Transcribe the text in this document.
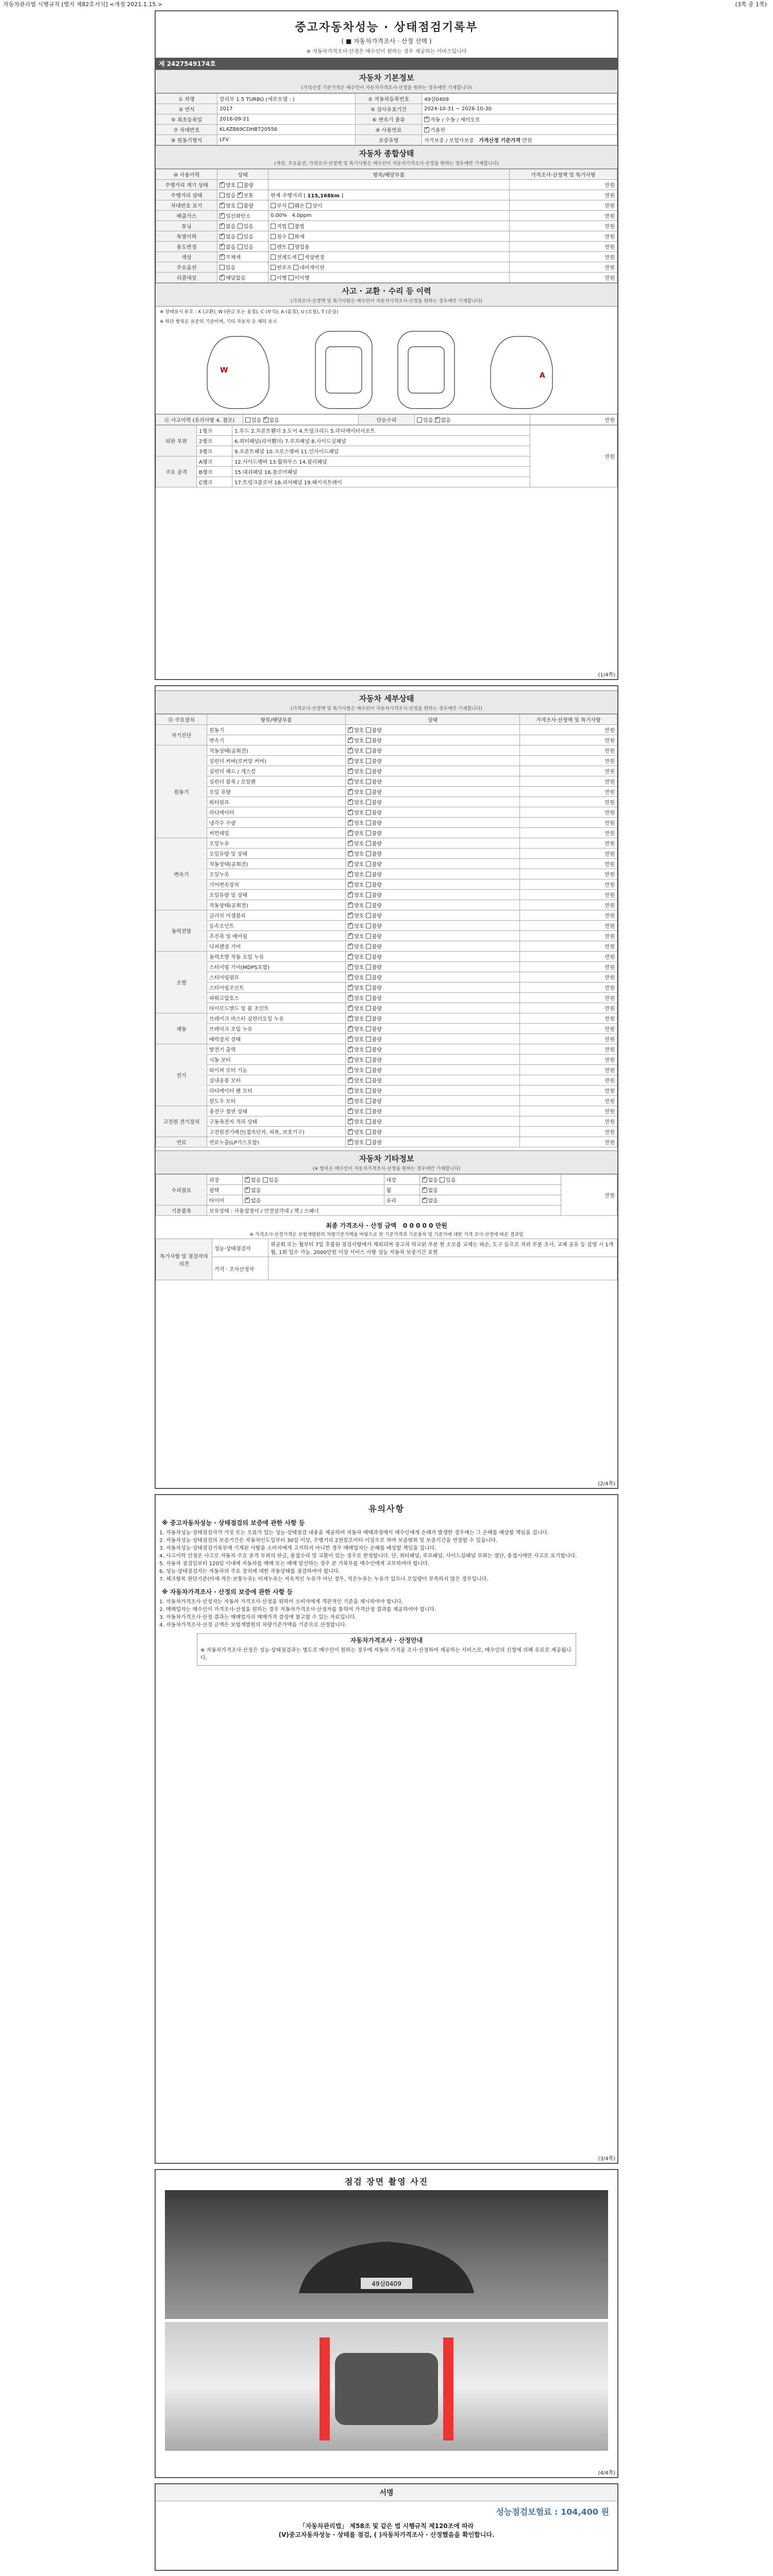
자동차관리법 시행규칙 [별지 제82호서식] <개정 2021.1.15.>	(3쪽 중 1쪽)
중고자동차성능 · 상태점검기록부
( ■ 자동차가격조사 · 산정 선택 )
※ 자동차가격조사·산정은 매수인이 원하는 경우 제공하는 서비스입니다
제 2427549174호
자동차 기본정보
(가격산정 기준가격은 매수인이 자동차가격조사·산정을 원하는 경우에만 기재합니다)
① 차명	말리부 1.5 TURBO (세부모델 : )	② 자동차등록번호	49삼0409
③ 연식	2017	④ 검사유효기간	2024-10-31 ~ 2026-10-30
⑤ 최초등록일	2016-09-21	⑥ 변속기 종류	✓자동 / 수동 / 세미오토
⑦ 차대번호	KL4ZB69CDHB720556	⑧ 사용연료	✓가솔린
⑨ 원동기형식	LFV	보증유형	자가보증 / 보험사보증 가격산정 기준가격 만원
자동차 종합상태
(색상, 주요옵션, 가격조사·산정액 및 특기사항은 매수인이 자동차가격조사·산정을 원하는 경우에만 기재합니다)
⑩ 사용이력	상태	항목/해당부품	가격조사·산정액 및 특기사항
주행거리 계기 상태	✓양호 불량		만원
주행거리 상태	많음 ✓보통	현재 주행거리 [ 115,168km ]	만원
차대번호 표기	✓양호 불량	부식 훼손 상이	만원
배출가스	✓일산화탄소	0.00% 4.0ppm	만원
튜닝	✓없음 있음	적법 불법	만원
특별이력	✓없음 있음	침수 화재	만원
용도변경	✓없음 있음	렌트 영업용	만원
색상	✓무채색	전체도색 색상변경	만원
주요옵션	있음	썬루프 네비게이션	만원
리콜대상	✓해당없음	이행 미이행	만원
사고 · 교환 · 수리 등 이력
(가격조사·산정액 및 특기사항은 매수인이 자동차가격조사·산정을 원하는 경우에만 기재합니다)
※ 상태표시 부호 : X (교환), W (판금 또는 용접), C (부식), A (흠집), U (요철), T (손상)
※ 하단 항목은 표준의 기준이며, 기타 자동차 등 체의 표시
W
A
⑪ 사고이력 (유의사항 4. 참조)	있음 ✓없음	단순수리	있음 ✓없음	만원
외판 부위	1랭크	1.후드 2.프론트휀더 3.도어 4.트렁크리드 5.라디에이터서포트	만원
	2랭크	6.쿼터패널(리어휀더) 7.루프패널 8.사이드실패널	
	3랭크	9.프론트패널 10.크로스멤버 11.인사이드패널	
주요 골격	A랭크	12.사이드멤버 13.휠하우스 14.필러패널	
	B랭크	15.대쉬패널 16.플로어패널	
	C랭크	17.트렁크플로어 18.리어패널 19.패키지트레이	
(1/4쪽)
자동차 세부상태
(가격조사·산정액 및 특기사항은 매수인이 자동차가격조사·산정을 원하는 경우에만 기재합니다)
⑬ 주요장치	항목/해당부품	상태	가격조사·산정액 및 특기사항
자기진단	원동기	✓양호 불량	만원
	변속기	✓양호 불량	만원
원동기	작동상태(공회전)	✓양호 불량	만원
	실린더 커버(로커암 커버)	✓양호 불량	만원
	실린더 헤드 / 개스킷	✓양호 불량	만원
	실린더 블록 / 오일팬	✓양호 불량	만원
	오일 유량	✓양호 불량	만원
	워터펌프	✓양호 불량	만원
	라디에이터	✓양호 불량	만원
	냉각수 수량	✓양호 불량	만원
	커먼레일	✓양호 불량	만원
변속기	오일누유	✓양호 불량	만원
	오일유량 및 상태	✓양호 불량	만원
	작동상태(공회전)	✓양호 불량	만원
	오일누유	✓양호 불량	만원
	기어변속장치	✓양호 불량	만원
	오일유량 및 상태	✓양호 불량	만원
	작동상태(공회전)	✓양호 불량	만원
동력전달	클러치 어셈블리	✓양호 불량	만원
	등속조인트	✓양호 불량	만원
	추진축 및 베어링	✓양호 불량	만원
	디퍼렌셜 기어	✓양호 불량	만원
조향	동력조향 작동 오일 누유	✓양호 불량	만원
	스티어링 기어(MDPS포함)	✓양호 불량	만원
	스티어링펌프	✓양호 불량	만원
	스티어링조인트	✓양호 불량	만원
	파워고압호스	✓양호 불량	만원
	타이로드엔드 및 볼 조인트	✓양호 불량	만원
제동	브레이크 마스터 실린더오일 누유	✓양호 불량	만원
	브레이크 오일 누유	✓양호 불량	만원
	배력장치 상태	✓양호 불량	만원
전기	발전기 출력	✓양호 불량	만원
	시동 모터	✓양호 불량	만원
	와이퍼 모터 기능	✓양호 불량	만원
	실내송풍 모터	✓양호 불량	만원
	라디에이터 팬 모터	✓양호 불량	만원
	윈도우 모터	✓양호 불량	만원
고전원 전기장치	충전구 절연 상태	✓양호 불량	만원
	구동축전지 격리 상태	✓양호 불량	만원
	고전원전기배선(접속단자, 피복, 보호기구)	✓양호 불량	만원
연료	연료누출(LP가스포함)	✓양호 불량	만원
자동차 기타정보
(※ 항목은 매수인이 자동차가격조사·산정을 원하는 경우에만 기재합니다)
수리필요	외장	✓없음 있음	내장	✓없음 있음	만원
	광택	✓없음	휠	✓없음
	타이어	✓없음	유리	✓없음
기본품목	보유상태 : 사용설명서 / 안전삼각대 / 잭 / 스패너				
최종 가격조사 · 산정 금액 0 0 0 0 0 만원
※ 가격조사·산정가격은 보험개발원의 차량기준가액을 바탕으로 한 기준가격과 기본품목 및 기준가에 대한 가격 조사·산정에 따른 결과임
특기사항 및 점검자의 의견	성능·상태점검자	위공회 또는 월부터 7일 후불된 점검사항에서 제외되며 중고차 하교된 부분 현 소모품 교체는 파손, 도구 등으로 자외 부분 조사, 교체 공유 등 설명 시 1개월, 1회 입수 가능. 2000만원 이상 서비스 사항 성능 자동차 보증기간 표현
	가격 · 조사산정자	
(2/4쪽)
유의사항
※ 중고자동차성능 · 상태점검의 보증에 관한 사항 등
1. 자동차성능·상태점검자가 거짓 또는 오류가 있는 성능·상태점검 내용을 제공하여 자동차 매매과정에서 매수인에게 손해가 발생한 경우에는 그 손해를 배상할 책임을 집니다.
2. 자동차성능·상태점검의 보증기간은 자동차인도일부터 30일 이상, 주행거리 2천킬로미터 이상으로 하며 보증범위 및 보증기간을 연장할 수 있습니다.
3. 자동차성능·상태점검기록부에 기재된 사항을 소비자에게 고지하지 아니한 경우 매매업자는 손해를 배상할 책임을 집니다.
4. 사고이력 인정은 사고로 자동차 주요 골격 부위의 판금, 용접수리 및 교환이 있는 경우로 한정합니다. 단, 쿼터패널, 루프패널, 사이드실패널 부위는 절단, 용접시에만 사고로 표기합니다.
5. 자동차 점검일부터 120일 이내에 자동차를 매매 또는 매매 알선하는 경우 본 기록부를 매수인에게 교부하여야 합니다.
6. 성능·상태점검자는 자동차의 주요 장치에 대한 작동상태를 점검하여야 합니다.
7. 체크항목 판단기준(미세·적은·보통누유): 미세누유는 지속적인 누유가 아닌 경우, 적은누유는 누유가 있으나 오일량이 부족하지 않은 경우입니다.
※ 자동차가격조사 · 산정의 보증에 관한 사항 등
1. 자동차가격조사·산정자는 자동차 가격조사·산정을 위하여 소비자에게 객관적인 기준을 제시하여야 합니다.
2. 매매업자는 매수인이 가격조사·산정을 원하는 경우 자동차가격조사·산정자를 통하여 가격산정 결과를 제공하여야 합니다.
3. 자동차가격조사·산정 결과는 매매업자의 매매가격 결정에 참고할 수 있는 자료입니다.
4. 자동차가격조사·산정 금액은 보험개발원의 차량기준가액을 기준으로 산정합니다.
자동차가격조사 · 산정안내
※ 자동차가격조사·산정은 성능·상태점검과는 별도로 매수인이 원하는 경우에 자동차 가격을 조사·산정하여 제공하는 서비스로, 매수인의 신청에 의해 유료로 제공됩니다.
(3/4쪽)
점검 장면 촬영 사진
49삼0409
(4/4쪽)
서명
성능점검보험료 : 104,400 원
「자동차관리법」 제58조 및 같은 법 시행규칙 제120조에 따라
(V)중고자동차성능 · 상태를 점검, ( )자동차가격조사 · 산정했음을 확인합니다.
